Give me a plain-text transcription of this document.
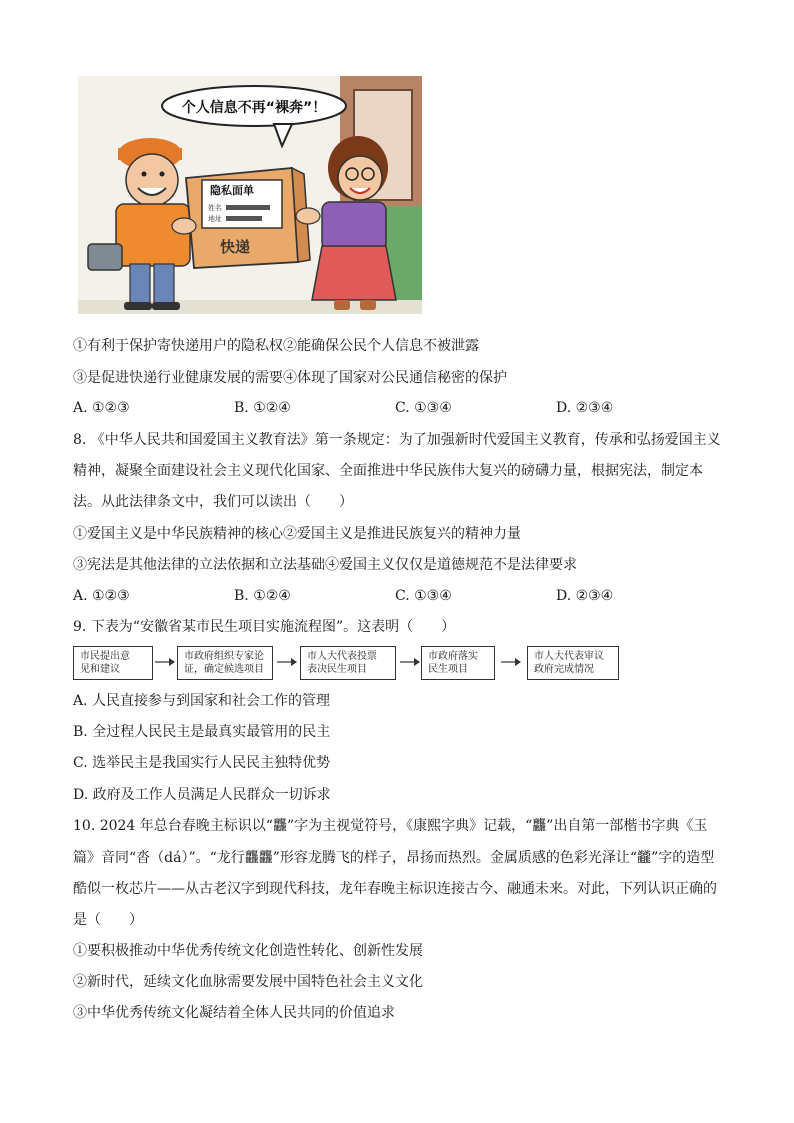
个人信息不再“裸奔”！
隐私面单
姓名
地址
快递
①有利于保护寄快递用户的隐私权②能确保公民个人信息不被泄露
③是促进快递行业健康发展的需要④体现了国家对公民通信秘密的保护
A. ①②③	B. ①②④	C. ①③④	D. ②③④
8. 《中华人民共和国爱国主义教育法》第一条规定：为了加强新时代爱国主义教育，传承和弘扬爱国主义
精神，凝聚全面建设社会主义现代化国家、全面推进中华民族伟大复兴的磅礴力量，根据宪法，制定本
法。从此法律条文中，我们可以读出（　　）
①爱国主义是中华民族精神的核心②爱国主义是推进民族复兴的精神力量
③宪法是其他法律的立法依据和立法基础④爱国主义仅仅是道德规范不是法律要求
A. ①②③	B. ①②④	C. ①③④	D. ②③④
9. 下表为“安徽省某市民生项目实施流程图”。这表明（　　）
市民提出意
见和建议
市政府组织专家论
证，确定候选项目
市人大代表投票
表决民生项目
市政府落实
民生项目
市人大代表审议
政府完成情况
A. 人民直接参与到国家和社会工作的管理
B. 全过程人民民主是最真实最管用的民主
C. 选举民主是我国实行人民民主独特优势
D. 政府及工作人员满足人民群众一切诉求
10. 2024 年总台春晚主标识以“龘”字为主视觉符号，《康熙字典》记载，“龘”出自第一部楷书字典《玉
篇》音同“沓（dá）”。“龙行龘龘”形容龙腾飞的样子，昂扬而热烈。金属质感的色彩光泽让“龖”字的造型
酷似一枚芯片——从古老汉字到现代科技，龙年春晚主标识连接古今、融通未来。对此，下列认识正确的
是（　　）
①要积极推动中华优秀传统文化创造性转化、创新性发展
②新时代，延续文化血脉需要发展中国特色社会主义文化
③中华优秀传统文化凝结着全体人民共同的价值追求
